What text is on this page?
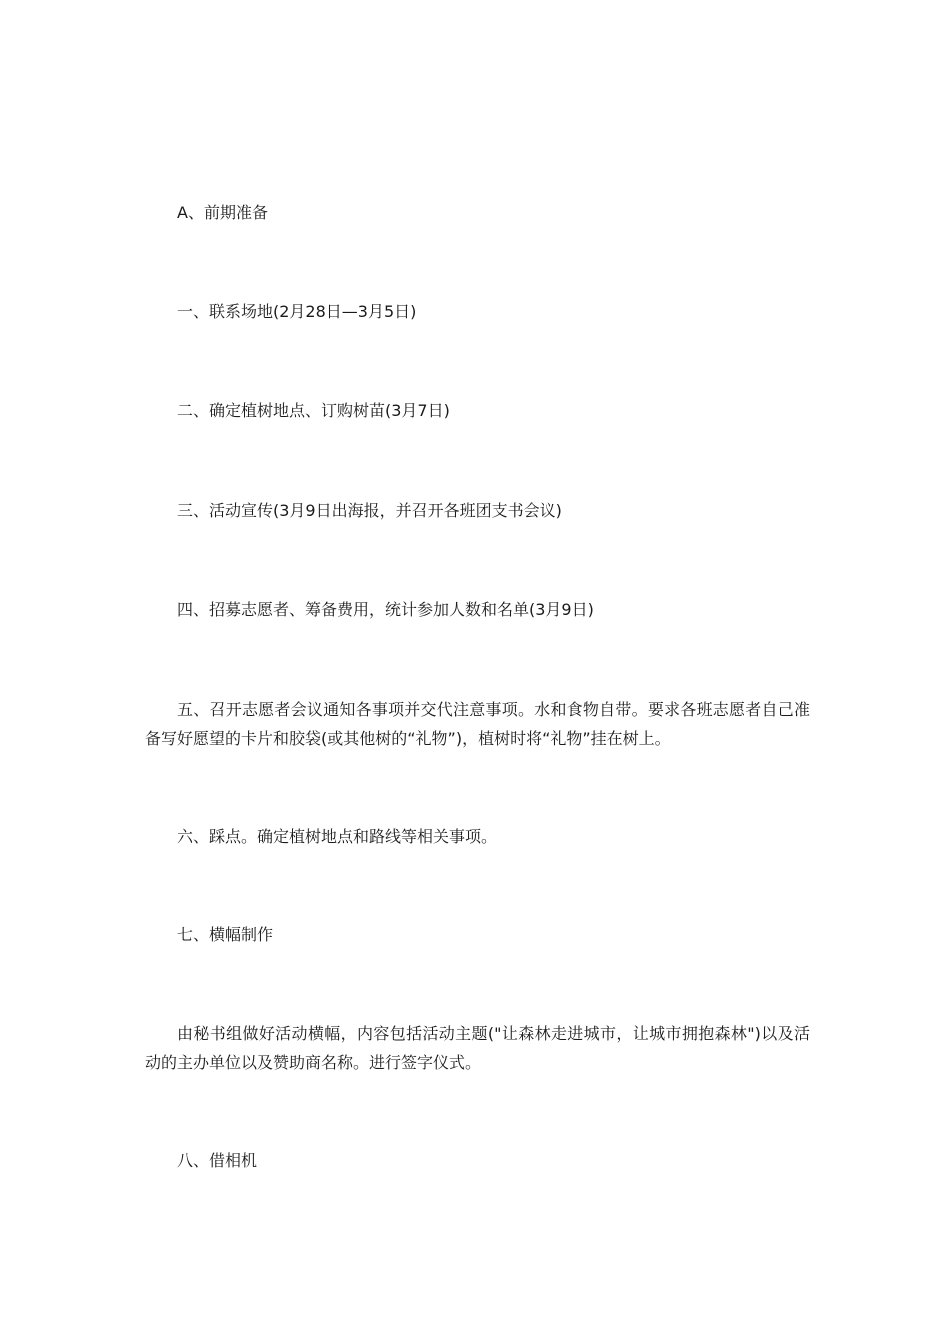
A、前期准备

一、联系场地(2月28日—3月5日)

二、确定植树地点、订购树苗(3月7日)

三、活动宣传(3月9日出海报，并召开各班团支书会议)

四、招募志愿者、筹备费用，统计参加人数和名单(3月9日)

五、召开志愿者会议通知各事项并交代注意事项。水和食物自带。要求各班志愿者自己准备写好愿望的卡片和胶袋(或其他树的“礼物”)，植树时将“礼物”挂在树上。

六、踩点。确定植树地点和路线等相关事项。

七、横幅制作

由秘书组做好活动横幅，内容包括活动主题("让森林走进城市，让城市拥抱森林")以及活动的主办单位以及赞助商名称。进行签字仪式。

八、借相机
